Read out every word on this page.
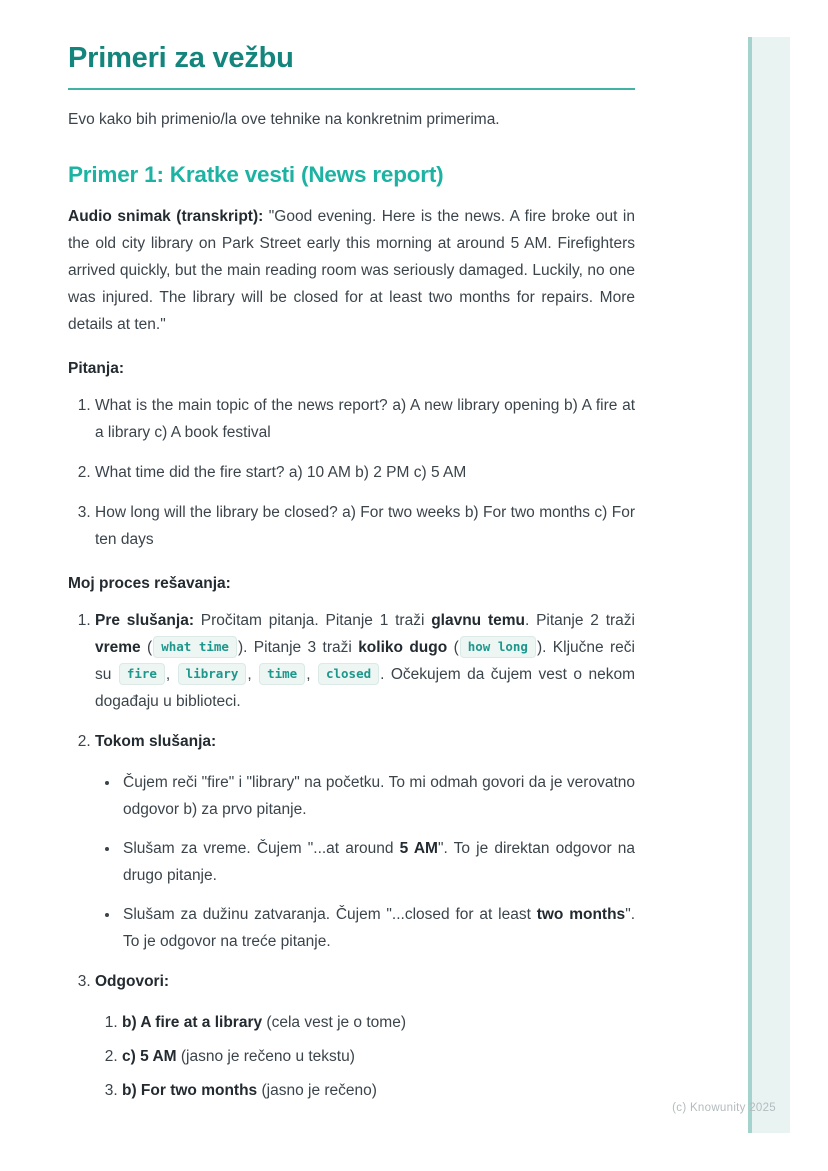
Primeri za vežbu

Evo kako bih primenio/la ove tehnike na konkretnim primerima.

Primer 1: Kratke vesti (News report)

Audio snimak (transkript): "Good evening. Here is the news. A fire broke out in the old city library on Park Street early this morning at around 5 AM. Firefighters arrived quickly, but the main reading room was seriously damaged. Luckily, no one was injured. The library will be closed for at least two months for repairs. More details at ten."

Pitanja:

1. What is the main topic of the news report? a) A new library opening b) A fire at a library c) A book festival
2. What time did the fire start? a) 10 AM b) 2 PM c) 5 AM
3. How long will the library be closed? a) For two weeks b) For two months c) For ten days

Moj proces rešavanja:

1. Pre slušanja: Pročitam pitanja. Pitanje 1 traži glavnu temu. Pitanje 2 traži vreme ( what time ). Pitanje 3 traži koliko dugo ( how long ). Ključne reči su fire , library , time , closed . Očekujem da čujem vest o nekom događaju u biblioteci.
2. Tokom slušanja:
• Čujem reči "fire" i "library" na početku. To mi odmah govori da je verovatno odgovor b) za prvo pitanje.
• Slušam za vreme. Čujem "...at around 5 AM". To je direktan odgovor na drugo pitanje.
• Slušam za dužinu zatvaranja. Čujem "...closed for at least two months". To je odgovor na treće pitanje.
3. Odgovori:
1. b) A fire at a library (cela vest je o tome)
2. c) 5 AM (jasno je rečeno u tekstu)
3. b) For two months (jasno je rečeno)
(c) Knowunity 2025
